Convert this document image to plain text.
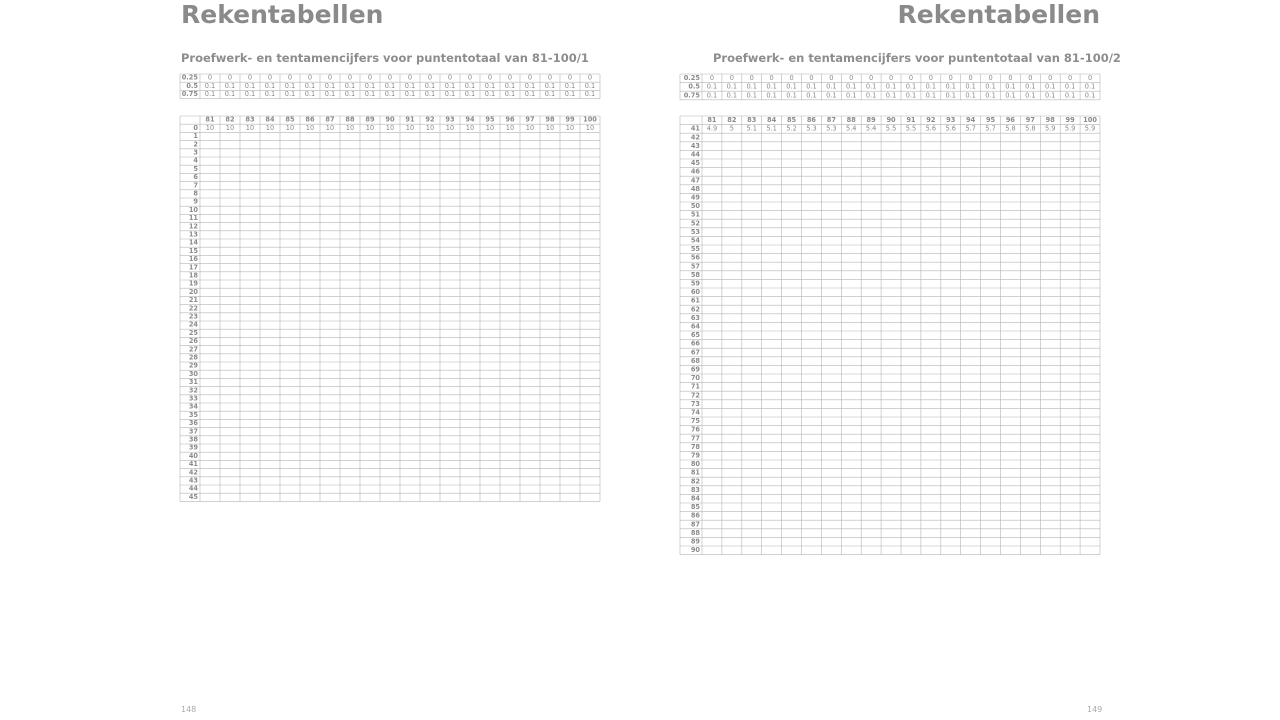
Rekentabellen
Proefwerk- en tentamencijfers voor puntentotaal van 81-100/1
148
0.25 0 0 0 0 0 0 0 0 0 0 0 0 0 0 0 0 0 0 0 0
0.5 0.1 0.1 0.1 0.1 0.1 0.1 0.1 0.1 0.1 0.1 0.1 0.1 0.1 0.1 0.1 0.1 0.1 0.1 0.1 0.1
0.75 0.1 0.1 0.1 0.1 0.1 0.1 0.1 0.1 0.1 0.1 0.1 0.1 0.1 0.1 0.1 0.1 0.1 0.1 0.1 0.1
81 82 83 84 85 86 87 88 89 90 91 92 93 94 95 96 97 98 99 100
0
1
2
3
4
5
6
7
8
9
10
11
12
13
14
15
16
17
18
19
20
21
22
23
24
25
26
27
28
29
30
31
32
33
34
35
36
37
38
39
40
41
42
43
44
45
10 10 10 10 10 10 10 10 10 10 10 10 10 10 10 10 10 10 10 10
Rekentabellen
Proefwerk- en tentamencijfers voor puntentotaal van 81-100/2
149
0.25 0 0 0 0 0 0 0 0 0 0 0 0 0 0 0 0 0 0 0 0
0.5 0.1 0.1 0.1 0.1 0.1 0.1 0.1 0.1 0.1 0.1 0.1 0.1 0.1 0.1 0.1 0.1 0.1 0.1 0.1 0.1
0.75 0.1 0.1 0.1 0.1 0.1 0.1 0.1 0.1 0.1 0.1 0.1 0.1 0.1 0.1 0.1 0.1 0.1 0.1 0.1 0.1
81 82 83 84 85 86 87 88 89 90 91 92 93 94 95 96 97 98 99 100
41
42
43
44
45
46
47
48
49
50
51
52
53
54
55
56
57
58
59
60
61
62
63
64
65
66
67
68
69
70
71
72
73
74
75
76
77
78
79
80
81
82
83
84
85
86
87
88
89
90
4.9 5 5.1 5.1 5.2 5.3 5.3 5.4 5.4 5.5 5.5 5.6 5.6 5.7 5.7 5.8 5.8 5.9 5.9 5.9
